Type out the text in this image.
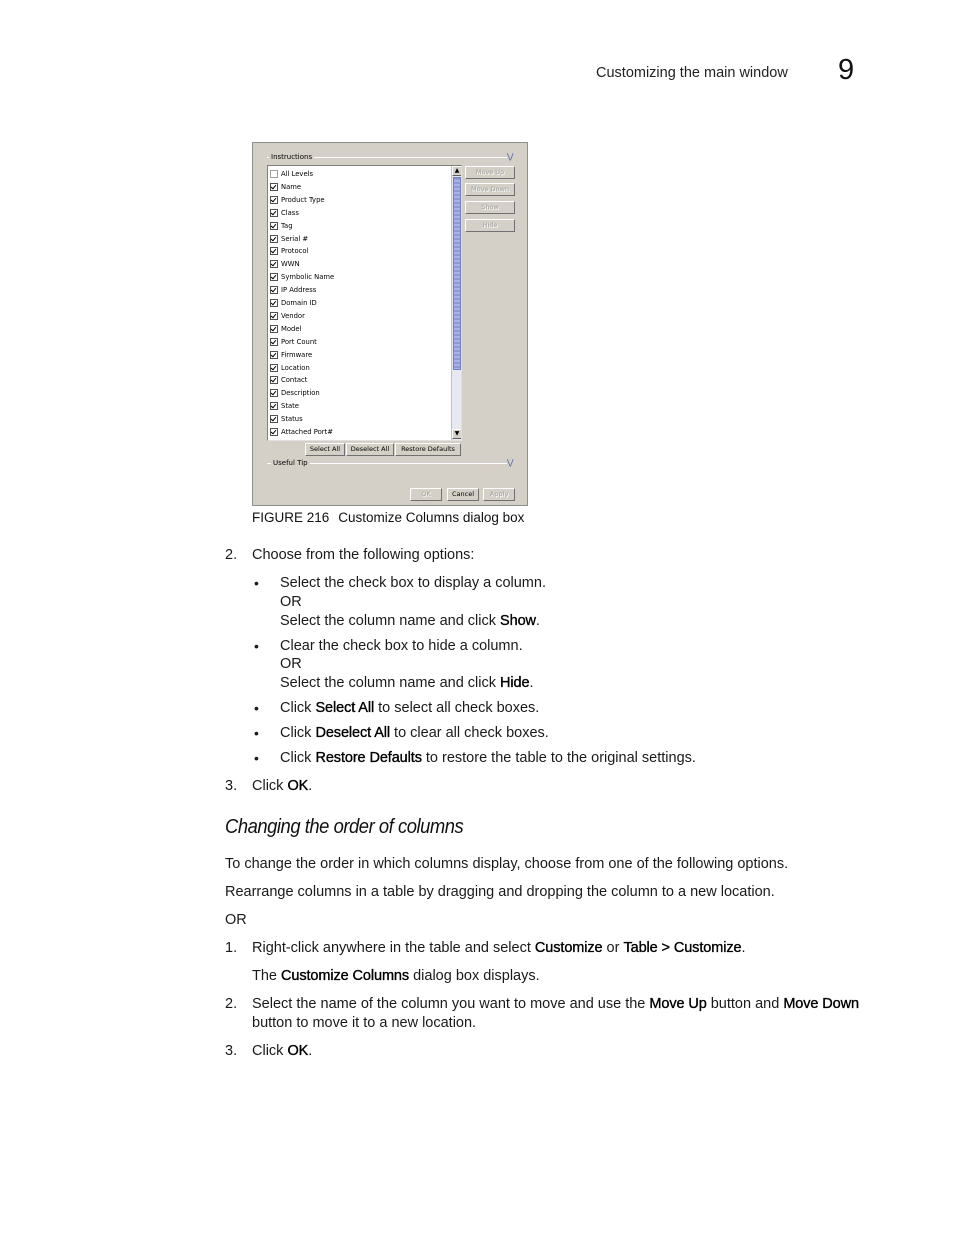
Customizing the main window 9
Instructions	⋁
All Levels
Name
Product Type
Class
Tag
Serial #
Protocol
WWN
Symbolic Name
IP Address
Domain ID
Vendor
Model
Port Count
Firmware
Location
Contact
Description
State
Status
Attached Port#
▲
▼
Move Up
Move Down
Show
Hide
Select All	Deselect All	Restore Defaults
Useful Tip	⋁
OK	Cancel	Apply
FIGURE 216 Customize Columns dialog box
2. Choose from the following options:
• Select the check box to display a column.
OR
Select the column name and click Show.
• Clear the check box to hide a column.
OR
Select the column name and click Hide.
• Click Select All to select all check boxes.
• Click Deselect All to clear all check boxes.
• Click Restore Defaults to restore the table to the original settings.
3. Click OK.
Changing the order of columns
To change the order in which columns display, choose from one of the following options.
Rearrange columns in a table by dragging and dropping the column to a new location.
OR
1. Right-click anywhere in the table and select Customize or Table > Customize.
The Customize Columns dialog box displays.
2. Select the name of the column you want to move and use the Move Up button and Move Down
button to move it to a new location.
3. Click OK.
